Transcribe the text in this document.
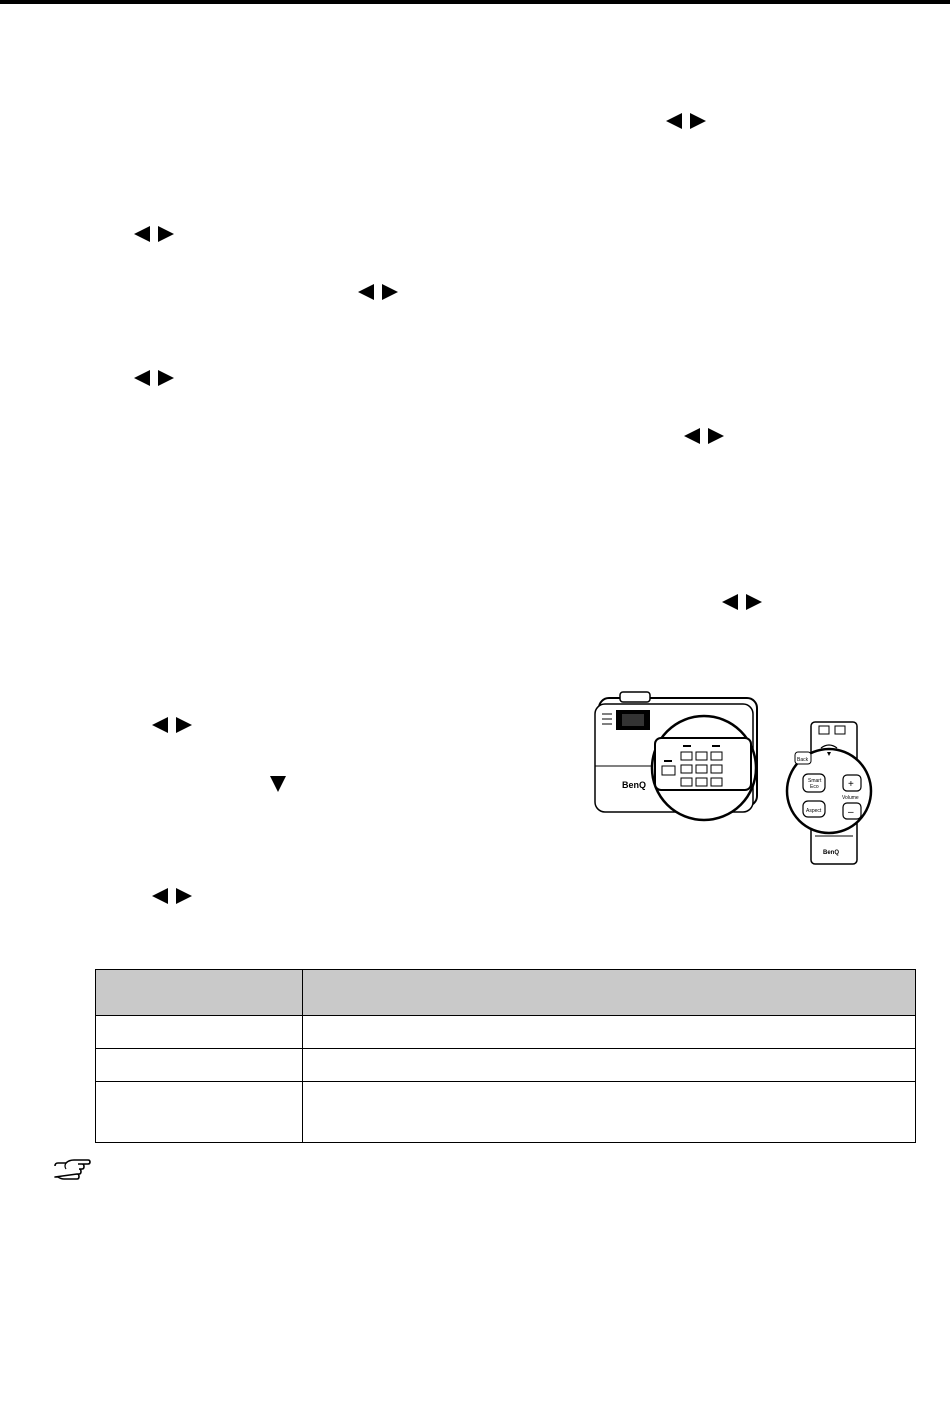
BenQ
Back
Smart
Eco
Aspect
+
Volume
–
BenQ
